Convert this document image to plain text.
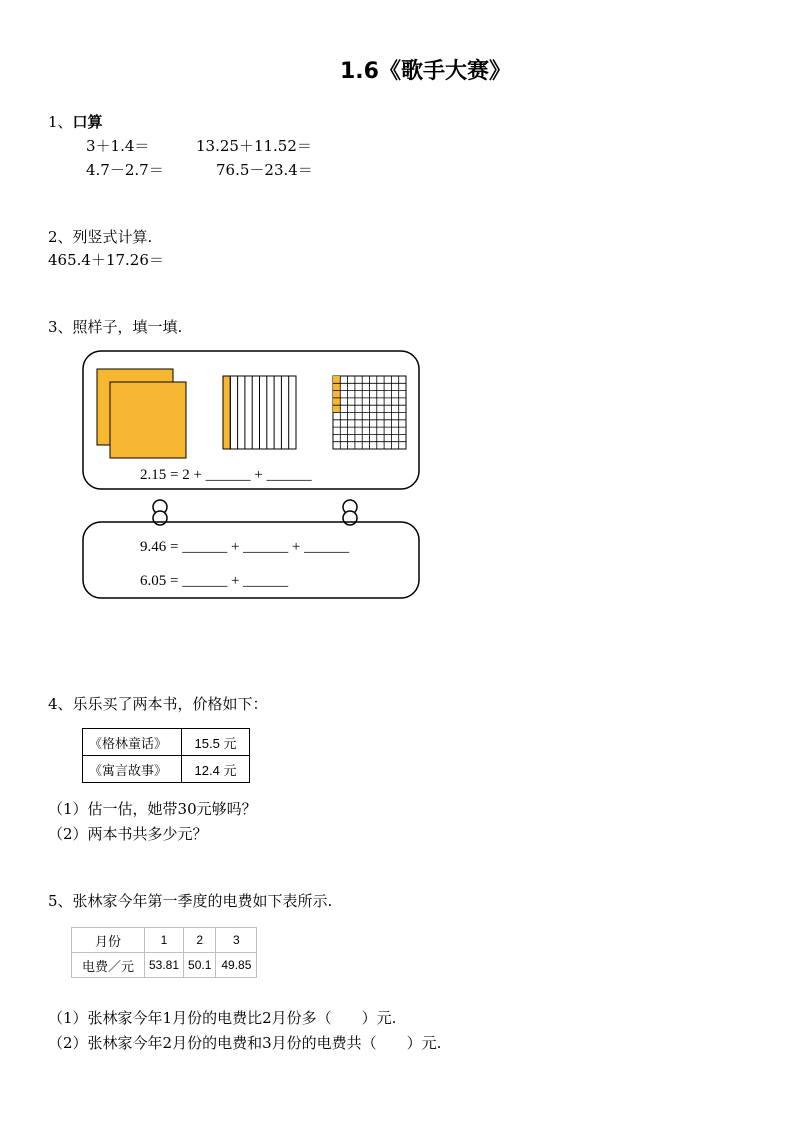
1.6《歌手大赛》
1、口算
3＋1.4＝	13.25＋11.52＝
4.7－2.7＝	76.5－23.4＝
2、列竖式计算.
465.4＋17.26＝
3、照样子，填一填.
2.15 = 2 + ______ + ______
9.46 = ______ + ______ + ______
6.05 = ______ + ______
4、乐乐买了两本书，价格如下：
《格林童话》	15.5 元
《寓言故事》	12.4 元
（1）估一估，她带30元够吗？
（2）两本书共多少元？
5、张林家今年第一季度的电费如下表所示.
月份	1	2	3
电费／元	53.81	50.1	49.85
（1）张林家今年1月份的电费比2月份多（　　）元.
（2）张林家今年2月份的电费和3月份的电费共（　　）元.
